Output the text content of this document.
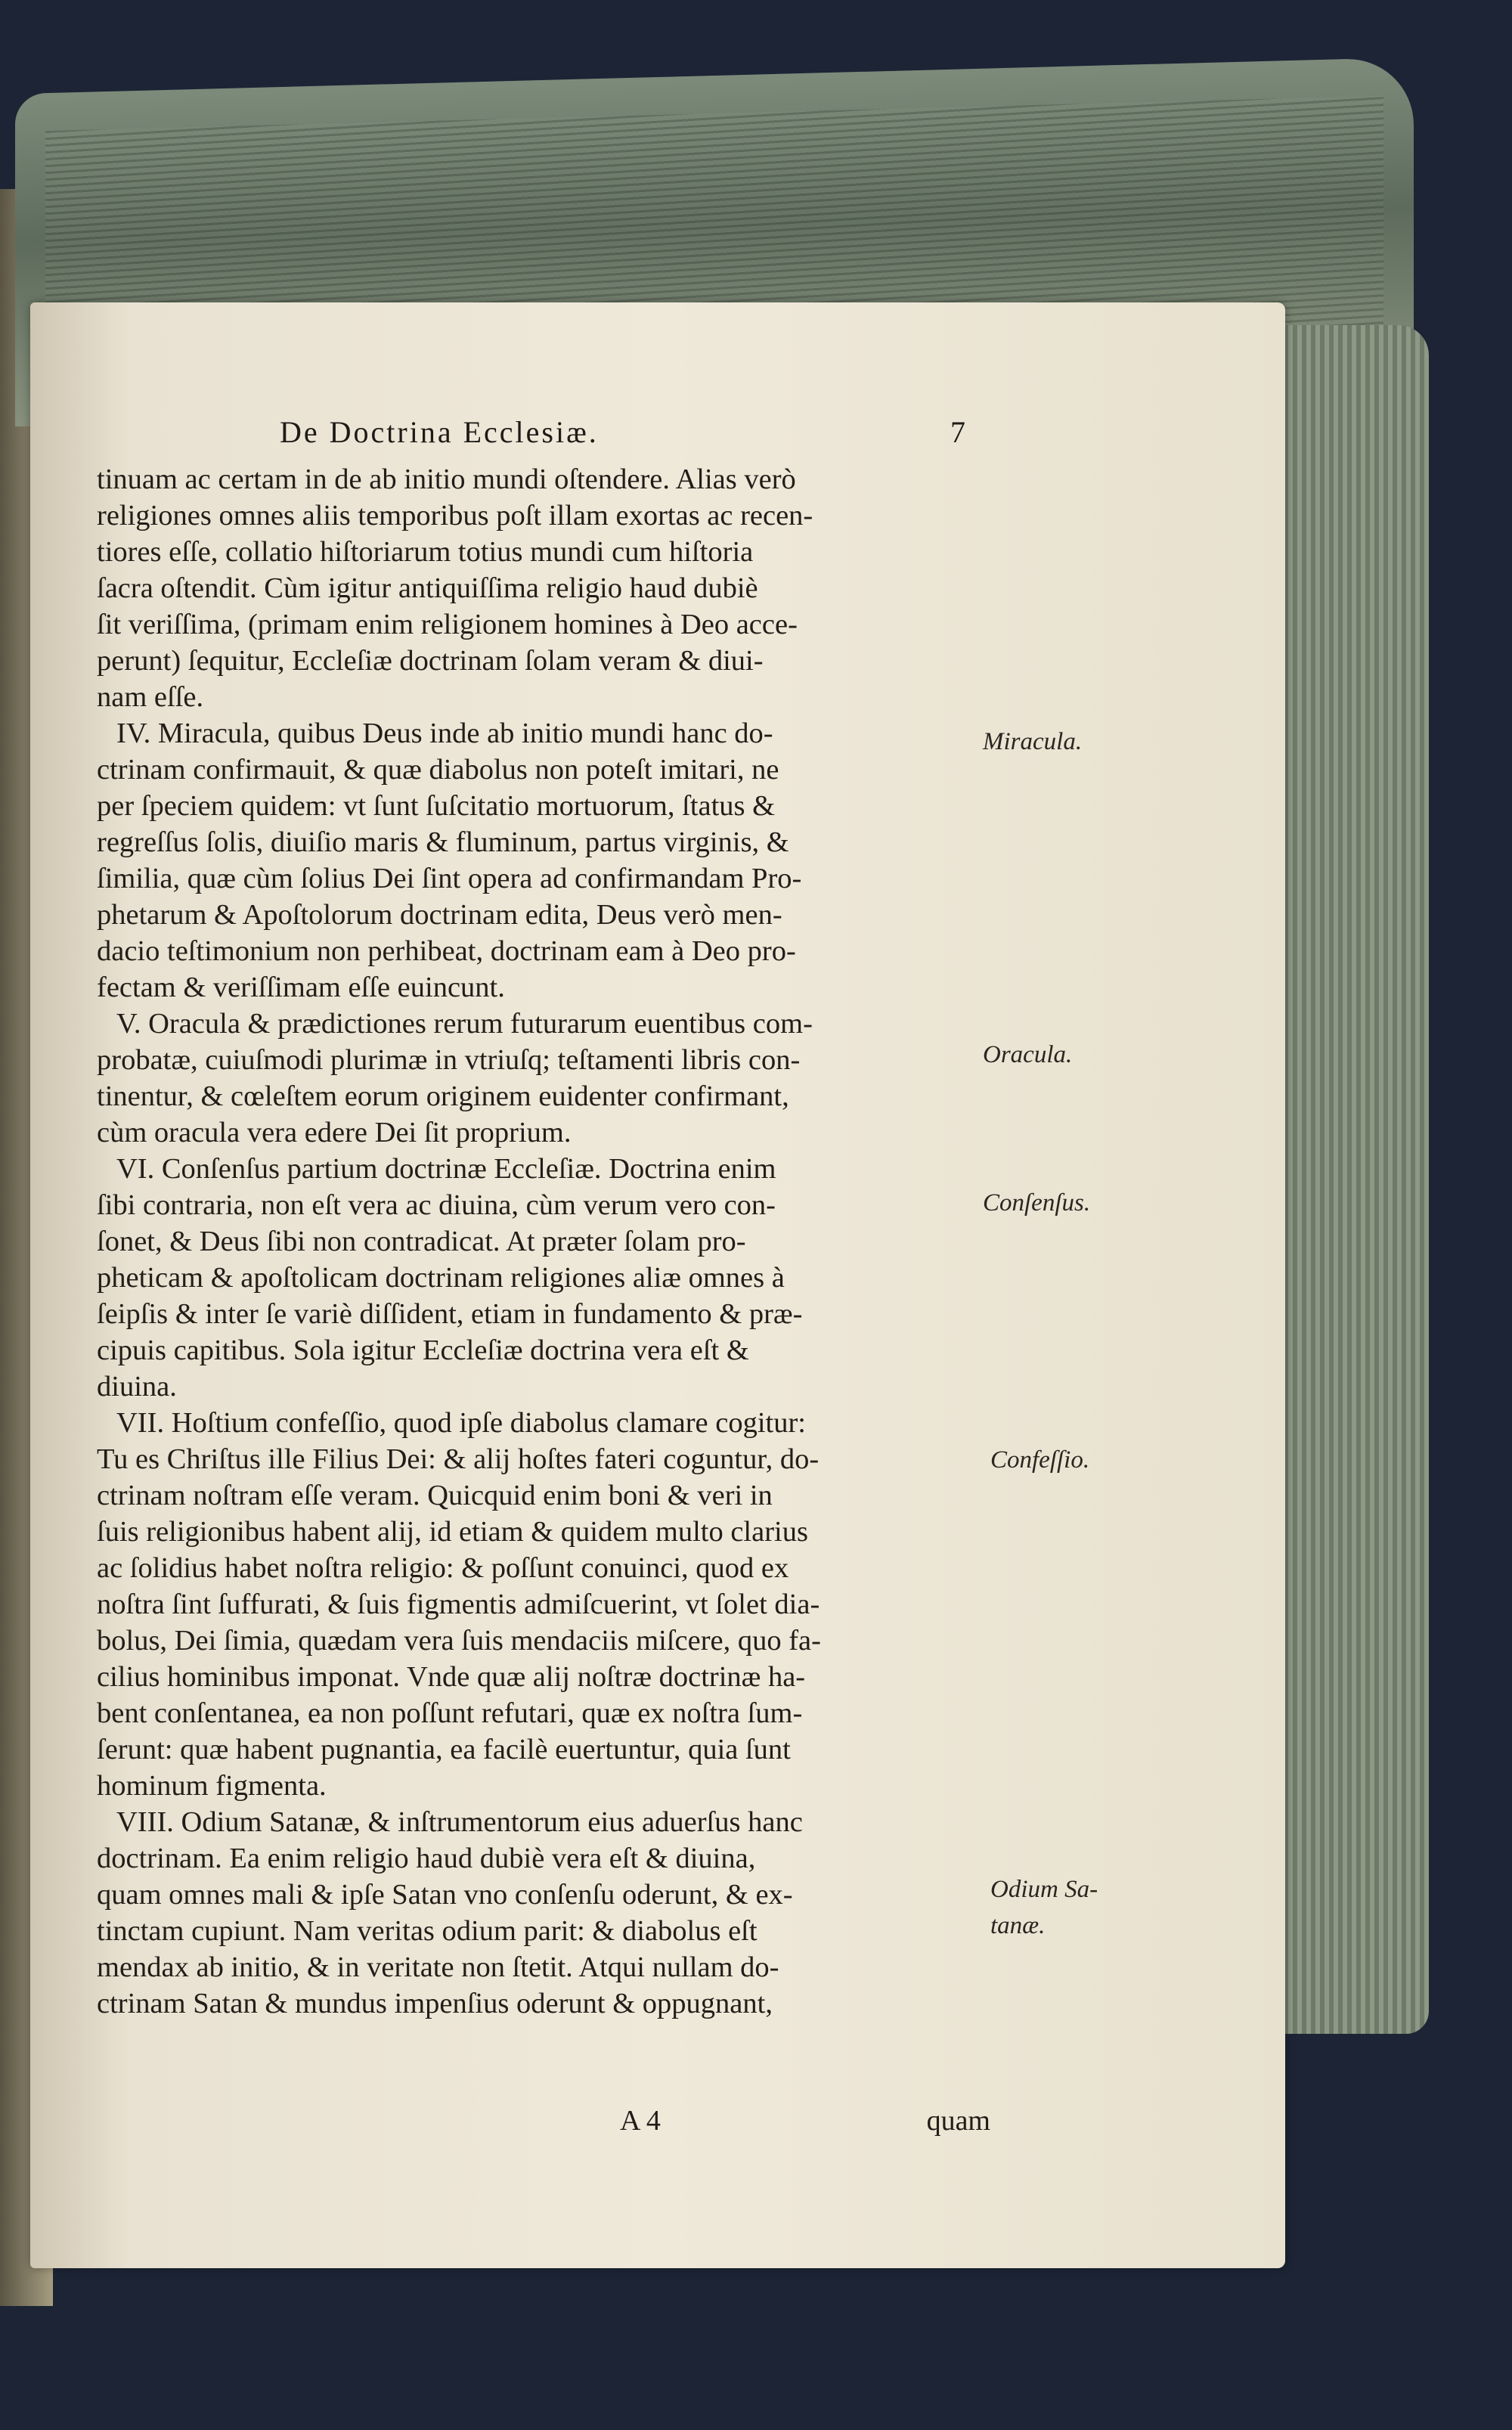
De Doctrina Ecclesiæ.	7
tinuam ac certam in de ab initio mundi oſtendere. Alias verò
religiones omnes aliis temporibus poſt illam exortas ac recen-
tiores eſſe, collatio hiſtoriarum totius mundi cum hiſtoria
ſacra oſtendit. Cùm igitur antiquiſſima religio haud dubiè
ſit veriſſima, (primam enim religionem homines à Deo acce-
perunt) ſequitur, Eccleſiæ doctrinam ſolam veram & diui-
nam eſſe.
IV. Miracula, quibus Deus inde ab initio mundi hanc do-
ctrinam confirmauit, & quæ diabolus non poteſt imitari, ne
per ſpeciem quidem: vt ſunt ſuſcitatio mortuorum, ſtatus &
regreſſus ſolis, diuiſio maris & fluminum, partus virginis, &
ſimilia, quæ cùm ſolius Dei ſint opera ad confirmandam Pro-
phetarum & Apoſtolorum doctrinam edita, Deus verò men-
dacio teſtimonium non perhibeat, doctrinam eam à Deo pro-
fectam & veriſſimam eſſe euincunt.
V. Oracula & prædictiones rerum futurarum euentibus com-
probatæ, cuiuſmodi plurimæ in vtriuſq; teſtamenti libris con-
tinentur, & cœleſtem eorum originem euidenter confirmant,
cùm oracula vera edere Dei ſit proprium.
VI. Conſenſus partium doctrinæ Eccleſiæ. Doctrina enim
ſibi contraria, non eſt vera ac diuina, cùm verum vero con-
ſonet, & Deus ſibi non contradicat. At præter ſolam pro-
pheticam & apoſtolicam doctrinam religiones aliæ omnes à
ſeipſis & inter ſe variè diſſident, etiam in fundamento & præ-
cipuis capitibus. Sola igitur Eccleſiæ doctrina vera eſt &
diuina.
VII. Hoſtium confeſſio, quod ipſe diabolus clamare cogitur:
Tu es Chriſtus ille Filius Dei: & alij hoſtes fateri coguntur, do-
ctrinam noſtram eſſe veram. Quicquid enim boni & veri in
ſuis religionibus habent alij, id etiam & quidem multo clarius
ac ſolidius habet noſtra religio: & poſſunt conuinci, quod ex
noſtra ſint ſuffurati, & ſuis figmentis admiſcuerint, vt ſolet dia-
bolus, Dei ſimia, quædam vera ſuis mendaciis miſcere, quo fa-
cilius hominibus imponat. Vnde quæ alij noſtræ doctrinæ ha-
bent conſentanea, ea non poſſunt refutari, quæ ex noſtra ſum-
ſerunt: quæ habent pugnantia, ea facilè euertuntur, quia ſunt
hominum figmenta.
VIII. Odium Satanæ, & inſtrumentorum eius aduerſus hanc
doctrinam. Ea enim religio haud dubiè vera eſt & diuina,
quam omnes mali & ipſe Satan vno conſenſu oderunt, & ex-
tinctam cupiunt. Nam veritas odium parit: & diabolus eſt
mendax ab initio, & in veritate non ſtetit. Atqui nullam do-
ctrinam Satan & mundus impenſius oderunt & oppugnant,
Miracula.
Oracula.
Conſenſus.
Confeſſio.
Odium Sa-
tanæ.
A 4	quam
